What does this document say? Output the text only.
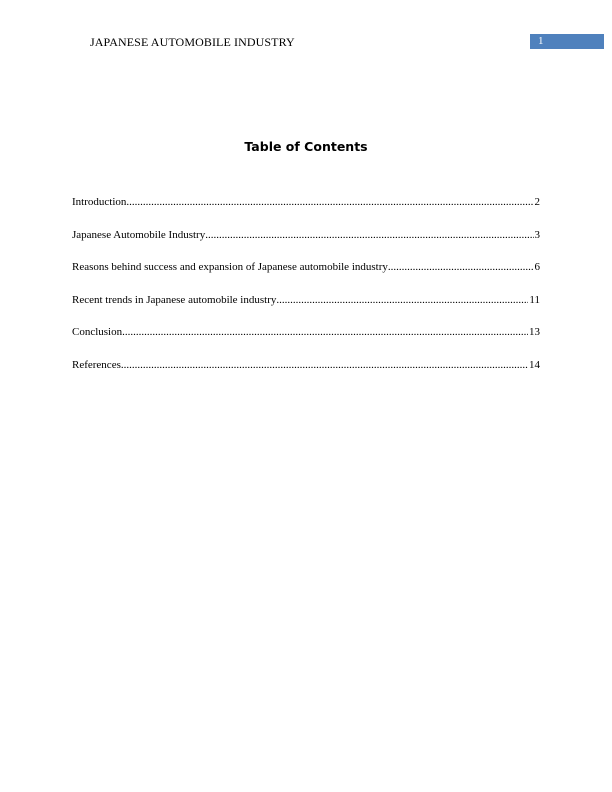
JAPANESE AUTOMOBILE INDUSTRY	1
Table of Contents
Introduction .....	2
Japanese Automobile Industry .....	3
Reasons behind success and expansion of Japanese automobile industry .....	6
Recent trends in Japanese automobile industry .....	11
Conclusion .....	13
References .....	14
